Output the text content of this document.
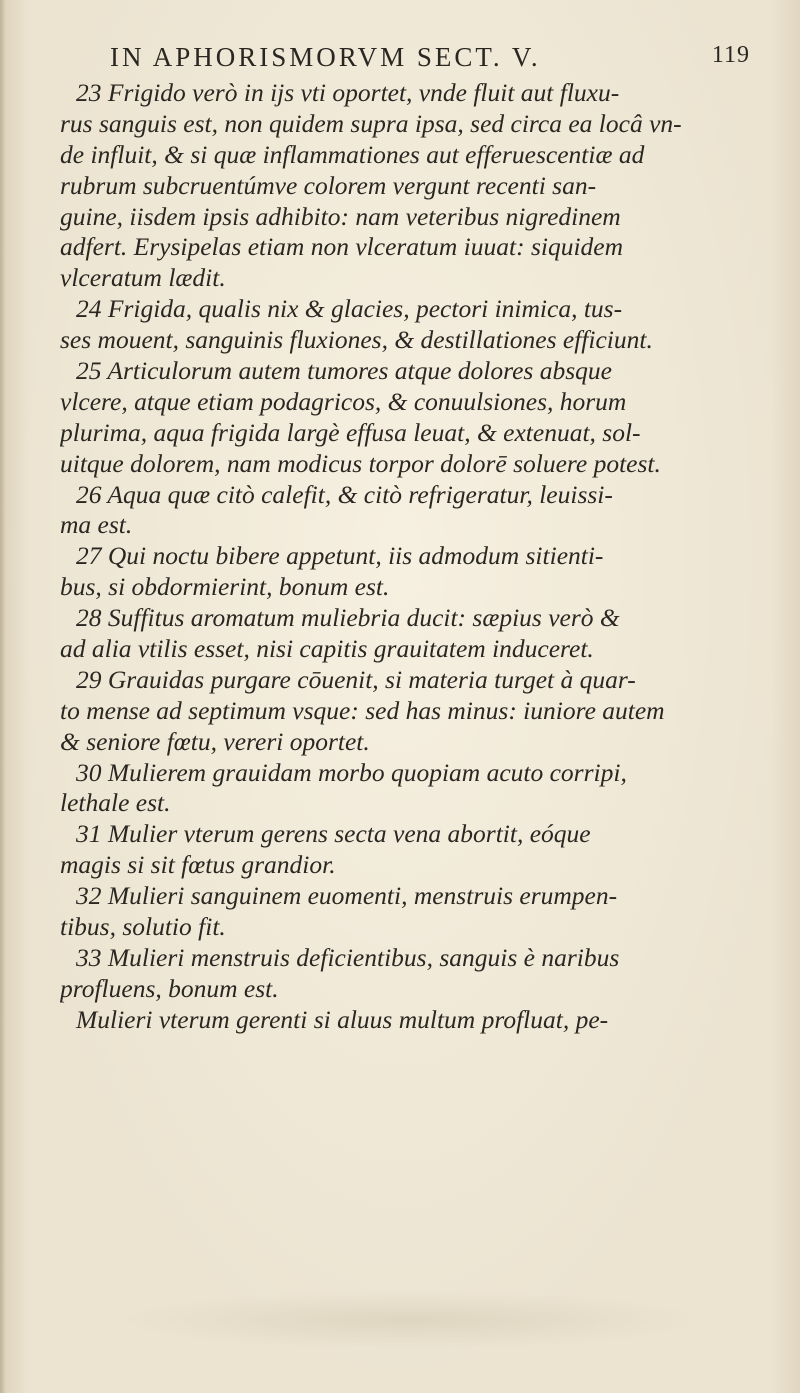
IN APHORISMORVM SECT. V.	119
23 Frigido verò in ijs vti oportet, vnde fluit aut fluxu-
rus sanguis est, non quidem supra ipsa, sed circa ea locâ vn-
de influit, & si quæ inflammationes aut efferuescentiæ ad
rubrum subcruentúmve colorem vergunt recenti san-
guine, iisdem ipsis adhibito: nam veteribus nigredinem
adfert. Erysipelas etiam non vlceratum iuuat: siquidem
vlceratum lædit.
24 Frigida, qualis nix & glacies, pectori inimica, tus-
ses mouent, sanguinis fluxiones, & destillationes efficiunt.
25 Articulorum autem tumores atque dolores absque
vlcere, atque etiam podagricos, & conuulsiones, horum
plurima, aqua frigida largè effusa leuat, & extenuat, sol-
uitque dolorem, nam modicus torpor dolorē soluere potest.
26 Aqua quæ citò calefit, & citò refrigeratur, leuissi-
ma est.
27 Qui noctu bibere appetunt, iis admodum sitienti-
bus, si obdormierint, bonum est.
28 Suffitus aromatum muliebria ducit: sæpius verò &
ad alia vtilis esset, nisi capitis grauitatem induceret.
29 Grauidas purgare cōuenit, si materia turget à quar-
to mense ad septimum vsque: sed has minus: iuniore autem
& seniore fœtu, vereri oportet.
30 Mulierem grauidam morbo quopiam acuto corripi,
lethale est.
31 Mulier vterum gerens secta vena abortit, eóque
magis si sit fœtus grandior.
32 Mulieri sanguinem euomenti, menstruis erumpen-
tibus, solutio fit.
33 Mulieri menstruis deficientibus, sanguis è naribus
profluens, bonum est.
Mulieri vterum gerenti si aluus multum profluat, pe-
